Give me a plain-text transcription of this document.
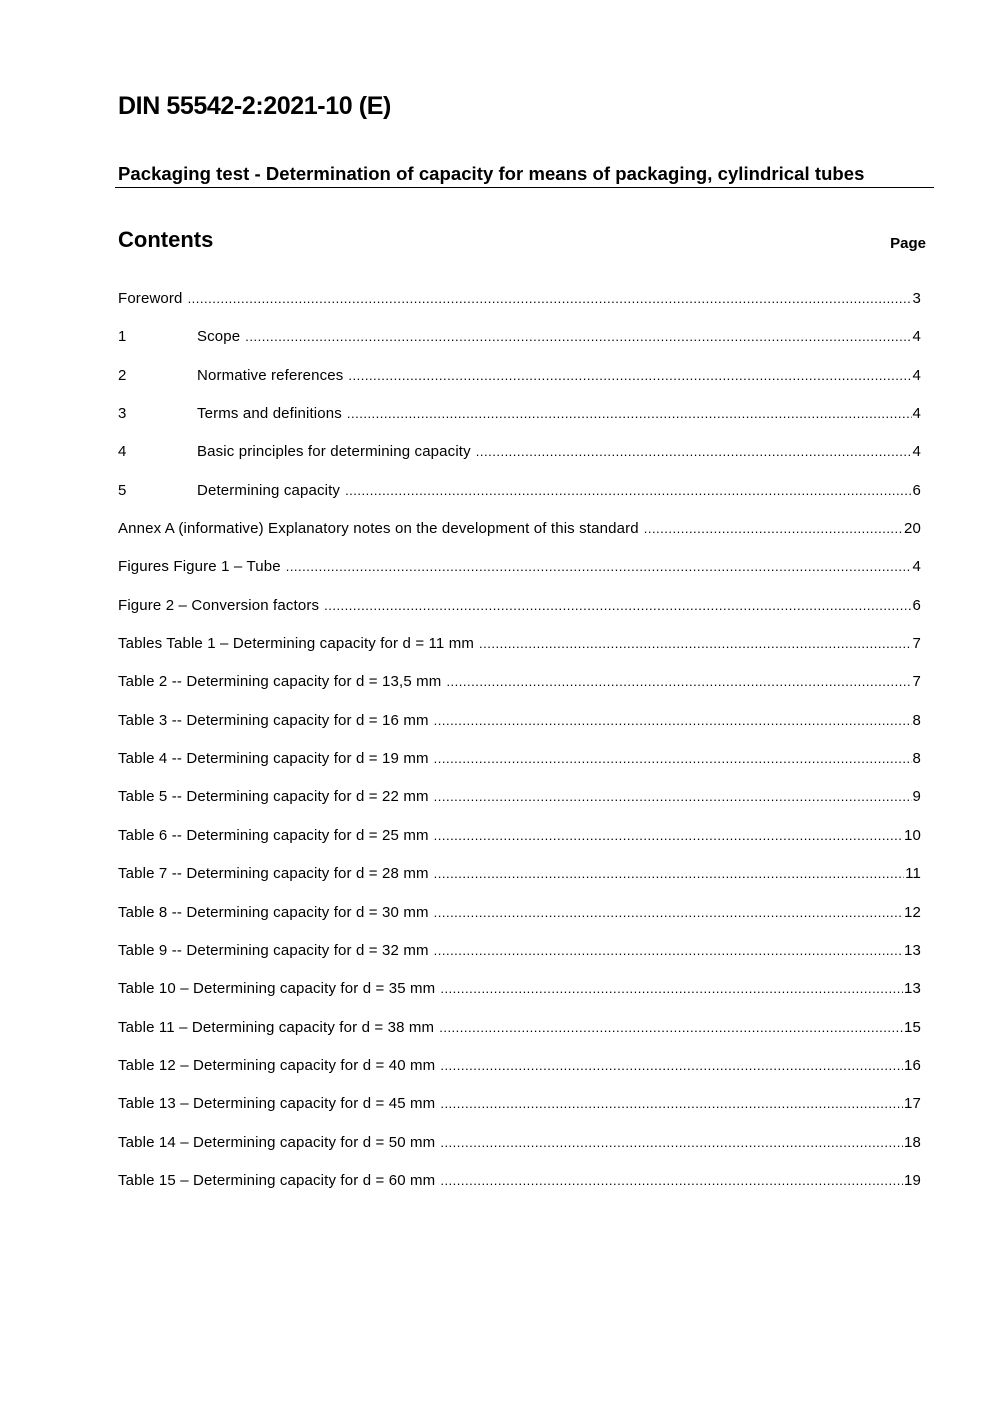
DIN 55542-2:2021-10 (E)
Packaging test - Determination of capacity for means of packaging, cylindrical tubes
Contents	Page
Foreword .....	3
1	Scope .....	4
2	Normative references .....	4
3	Terms and definitions .....	4
4	Basic principles for determining capacity .....	4
5	Determining capacity .....	6
Annex A (informative) Explanatory notes on the development of this standard .....	20
Figures Figure 1 – Tube .....	4
Figure 2 – Conversion factors .....	6
Tables Table 1 – Determining capacity for d = 11 mm .....	7
Table 2 -- Determining capacity for d = 13,5 mm .....	7
Table 3 -- Determining capacity for d = 16 mm .....	8
Table 4 -- Determining capacity for d = 19 mm .....	8
Table 5 -- Determining capacity for d = 22 mm .....	9
Table 6 -- Determining capacity for d = 25 mm .....	10
Table 7 -- Determining capacity for d = 28 mm .....	11
Table 8 -- Determining capacity for d = 30 mm .....	12
Table 9 -- Determining capacity for d = 32 mm .....	13
Table 10 – Determining capacity for d = 35 mm .....	13
Table 11 – Determining capacity for d = 38 mm .....	15
Table 12 – Determining capacity for d = 40 mm .....	16
Table 13 – Determining capacity for d = 45 mm .....	17
Table 14 – Determining capacity for d = 50 mm .....	18
Table 15 – Determining capacity for d = 60 mm .....	19
